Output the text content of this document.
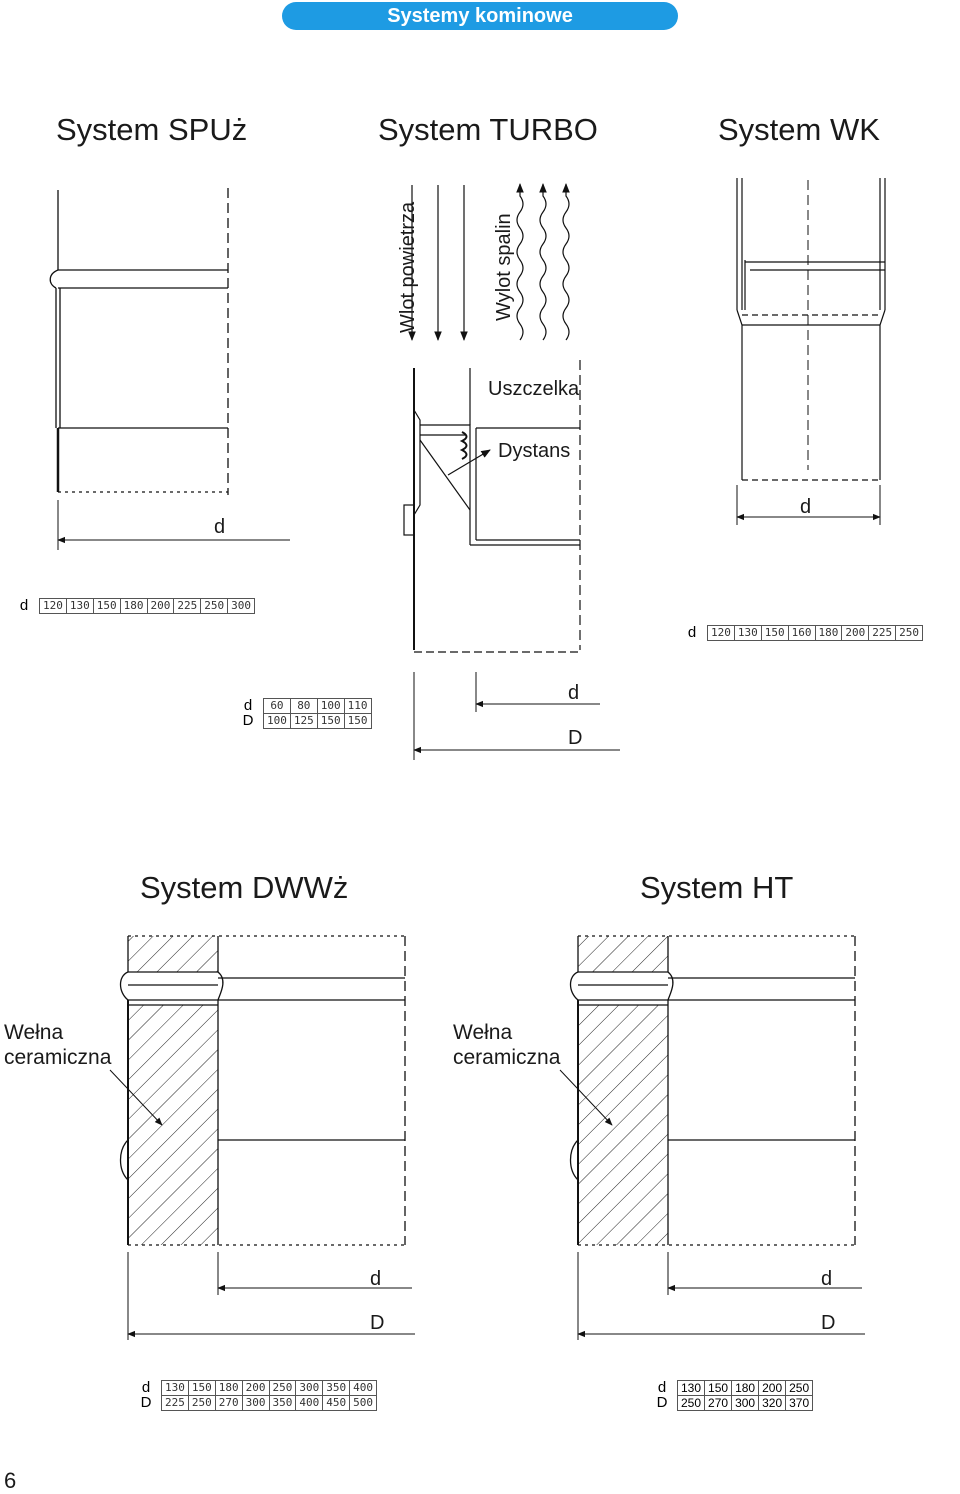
Systemy kominowe
System SPUż	System TURBO	System WK
System DWWż	System HT
d
Wlot powietrza	Wylot spalin
Uszczelka
Dystans
d
D
d
Wełna
ceramiczna
Wełna
ceramiczna
d
D
d
D
d	120	130	150	180	200	225	250	300
d	120	130	150	160	180	200	225	250
d	60	80	100	110
D	100	125	150	150
d	130	150	180	200	250	300	350	400
D	225	250	270	300	350	400	450	500
d	130	150	180	200	250
D	250	270	300	320	370
6
